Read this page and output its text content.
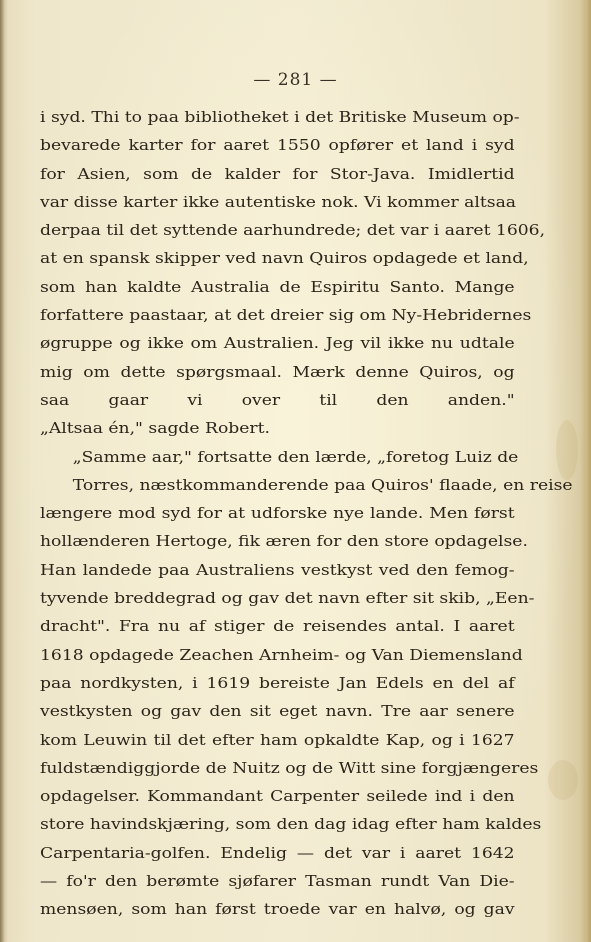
— 281 —
i syd. Thi to paa bibliotheket i det Britiske Museum op-
bevarede karter for aaret 1550 opfører et land i syd
for Asien, som de kalder for Stor-Java. Imidlertid
var disse karter ikke autentiske nok. Vi kommer altsaa
derpaa til det syttende aarhundrede; det var i aaret 1606,
at en spansk skipper ved navn Quiros opdagede et land,
som han kaldte Australia de Espiritu Santo. Mange
forfattere paastaar, at det dreier sig om Ny-Hebridernes
øgruppe og ikke om Australien. Jeg vil ikke nu udtale
mig om dette spørgsmaal. Mærk denne Quiros, og
saa gaar vi over til den anden."
„Altsaa én," sagde Robert.
„Samme aar," fortsatte den lærde, „foretog Luiz de
Torres, næstkommanderende paa Quiros' flaade, en reise
længere mod syd for at udforske nye lande. Men først
hollænderen Hertoge, fik æren for den store opdagelse.
Han landede paa Australiens vestkyst ved den femog-
tyvende breddegrad og gav det navn efter sit skib, „Een-
dracht". Fra nu af stiger de reisendes antal. I aaret
1618 opdagede Zeachen Arnheim- og Van Diemensland
paa nordkysten, i 1619 bereiste Jan Edels en del af
vestkysten og gav den sit eget navn. Tre aar senere
kom Leuwin til det efter ham opkaldte Kap, og i 1627
fuldstændiggjorde de Nuitz og de Witt sine forgjængeres
opdagelser. Kommandant Carpenter seilede ind i den
store havindskjæring, som den dag idag efter ham kaldes
Carpentaria-golfen. Endelig — det var i aaret 1642
— fo'r den berømte sjøfarer Tasman rundt Van Die-
mensøen, som han først troede var en halvø, og gav
